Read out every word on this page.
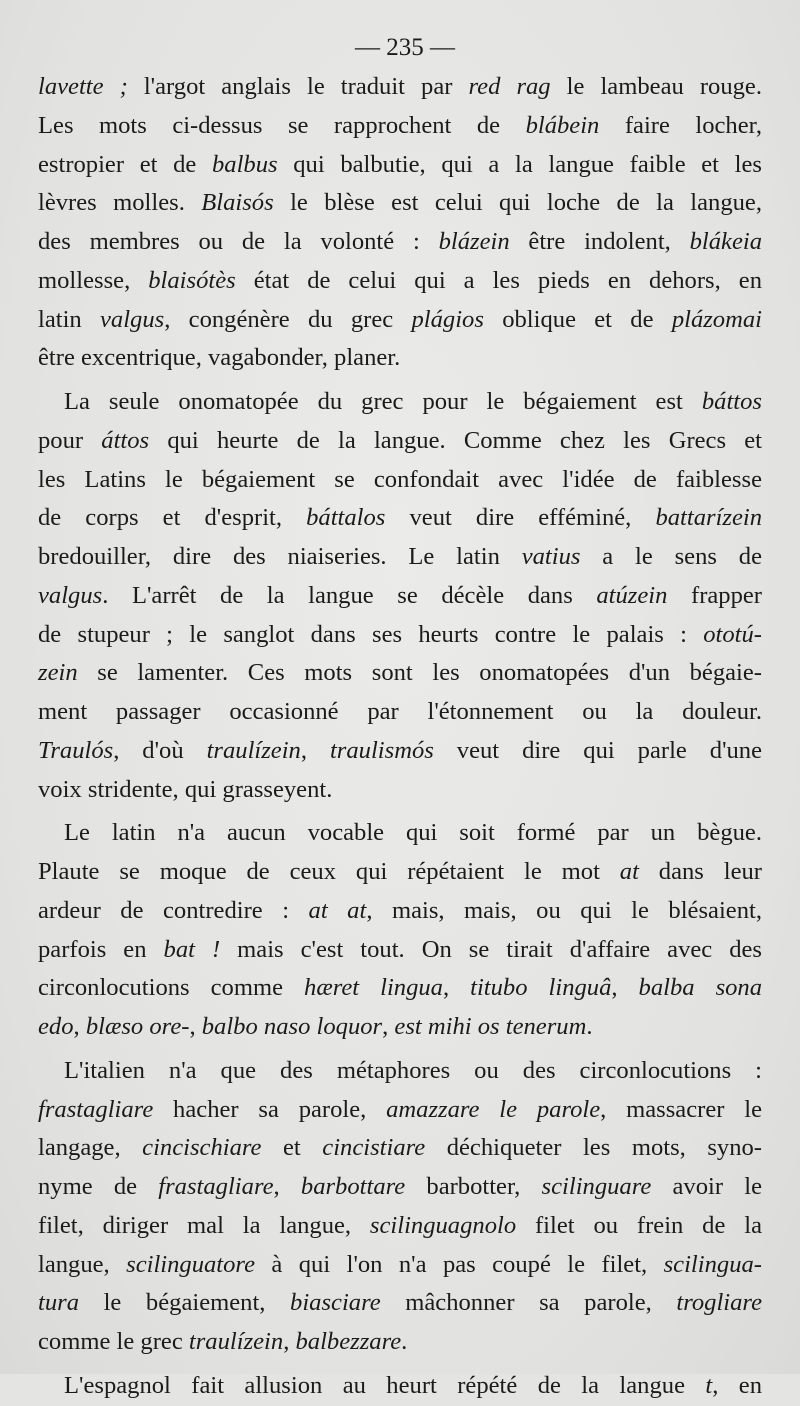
— 235 —
lavette ; l'argot anglais le traduit par red rag le lambeau rouge.
Les mots ci-dessus se rapprochent de blábein faire locher,
estropier et de balbus qui balbutie, qui a la langue faible et les
lèvres molles. Blaisós le blèse est celui qui loche de la langue,
des membres ou de la volonté : blázein être indolent, blákeia
mollesse, blaisótès état de celui qui a les pieds en dehors, en
latin valgus, congénère du grec plágios oblique et de plázomai
être excentrique, vagabonder, planer.
La seule onomatopée du grec pour le bégaiement est báttos
pour áttos qui heurte de la langue. Comme chez les Grecs et
les Latins le bégaiement se confondait avec l'idée de faiblesse
de corps et d'esprit, báttalos veut dire efféminé, battarízein
bredouiller, dire des niaiseries. Le latin vatius a le sens de
valgus. L'arrêt de la langue se décèle dans atúzein frapper
de stupeur ; le sanglot dans ses heurts contre le palais : ototú-
zein se lamenter. Ces mots sont les onomatopées d'un bégaie-
ment passager occasionné par l'étonnement ou la douleur.
Traulós, d'où traulízein, traulismós veut dire qui parle d'une
voix stridente, qui grasseyent.
Le latin n'a aucun vocable qui soit formé par un bègue.
Plaute se moque de ceux qui répétaient le mot at dans leur
ardeur de contredire : at at, mais, mais, ou qui le blésaient,
parfois en bat ! mais c'est tout. On se tirait d'affaire avec des
circonlocutions comme hæret lingua, titubo linguâ, balba sona
edo, blæso ore-, balbo naso loquor, est mihi os tenerum.
L'italien n'a que des métaphores ou des circonlocutions :
frastagliare hacher sa parole, amazzare le parole, massacrer le
langage, cincischiare et cincistiare déchiqueter les mots, syno-
nyme de frastagliare, barbottare barbotter, scilinguare avoir le
filet, diriger mal la langue, scilinguagnolo filet ou frein de la
langue, scilinguatore à qui l'on n'a pas coupé le filet, scilingua-
tura le bégaiement, biasciare mâchonner sa parole, trogliare
comme le grec traulízein, balbezzare.
L'espagnol fait allusion au heurt répété de la langue t, en
